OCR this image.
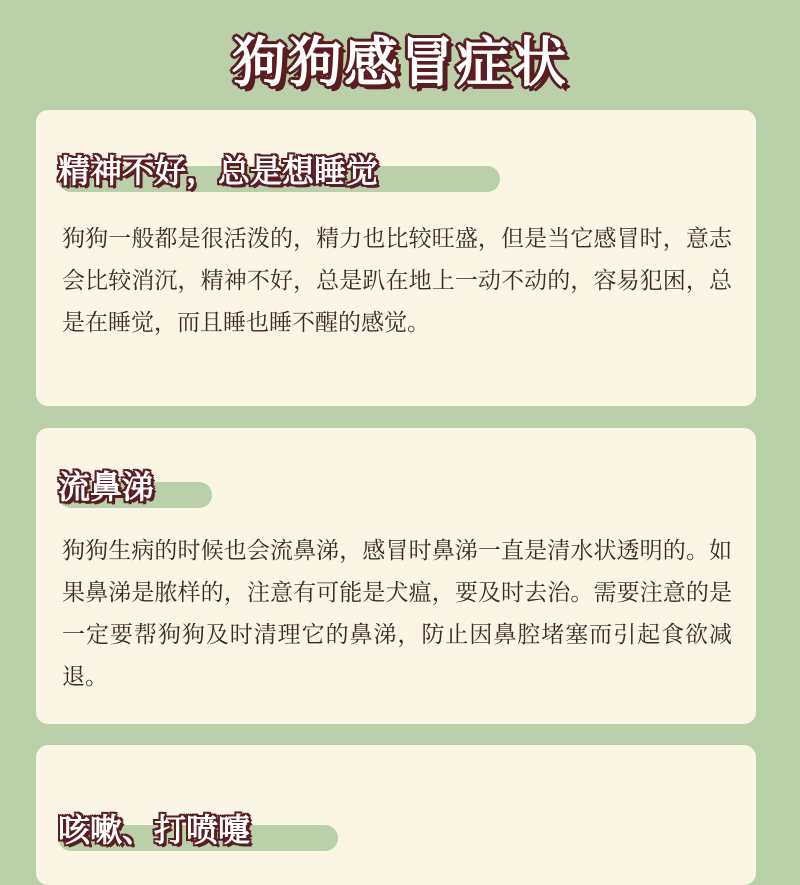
狗狗感冒症状
精神不好，总是想睡觉

狗狗一般都是很活泼的，精力也比较旺盛，但是当它感冒时，意志会比较消沉，精神不好，总是趴在地上一动不动的，容易犯困，总是在睡觉，而且睡也睡不醒的感觉。

流鼻涕

狗狗生病的时候也会流鼻涕，感冒时鼻涕一直是清水状透明的。如果鼻涕是脓样的，注意有可能是犬瘟，要及时去治。需要注意的是一定要帮狗狗及时清理它的鼻涕，防止因鼻腔堵塞而引起食欲减退。

咳嗽、打喷嚏
